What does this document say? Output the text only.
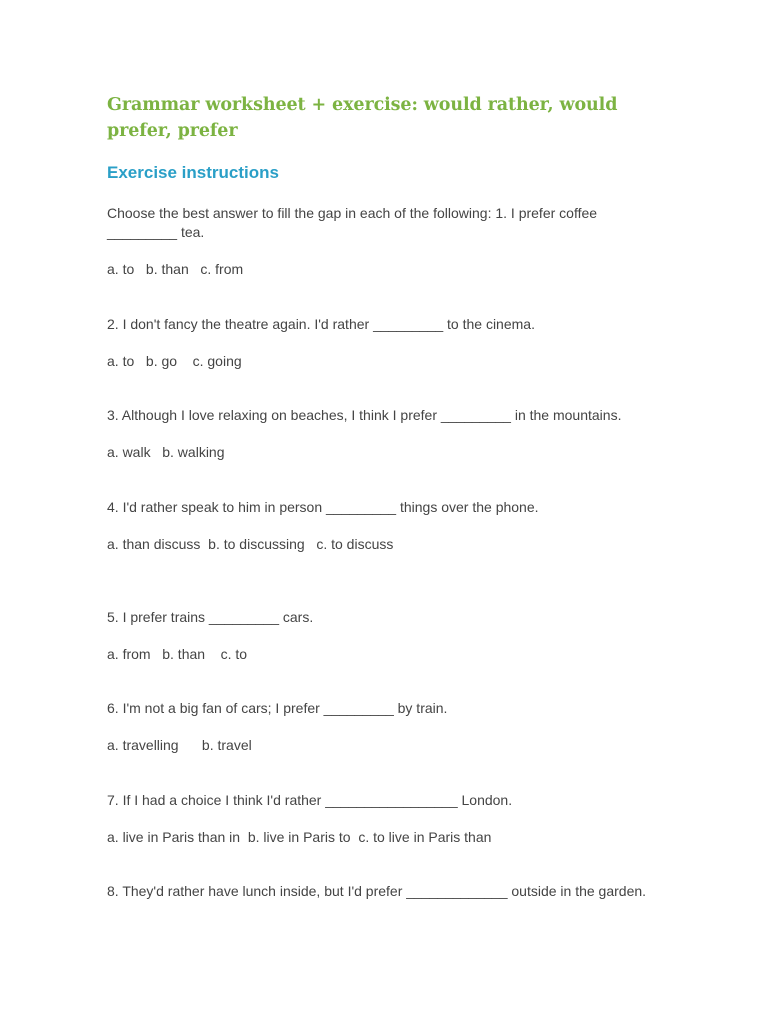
Grammar worksheet + exercise: would rather, would prefer, prefer
Exercise instructions

Choose the best answer to fill the gap in each of the following: 1. I prefer coffee _________ tea.

a. to   b. than   c. from

2. I don't fancy the theatre again. I'd rather _________ to the cinema.

a. to   b. go    c. going

3. Although I love relaxing on beaches, I think I prefer _________ in the mountains.

a. walk   b. walking

4. I'd rather speak to him in person _________ things over the phone.

a. than discuss  b. to discussing   c. to discuss

5. I prefer trains _________ cars.

a. from   b. than    c. to

6. I'm not a big fan of cars; I prefer _________ by train.

a. travelling      b. travel

7. If I had a choice I think I'd rather _________________ London.

a. live in Paris than in  b. live in Paris to  c. to live in Paris than

8. They'd rather have lunch inside, but I'd prefer _____________ outside in the garden.
